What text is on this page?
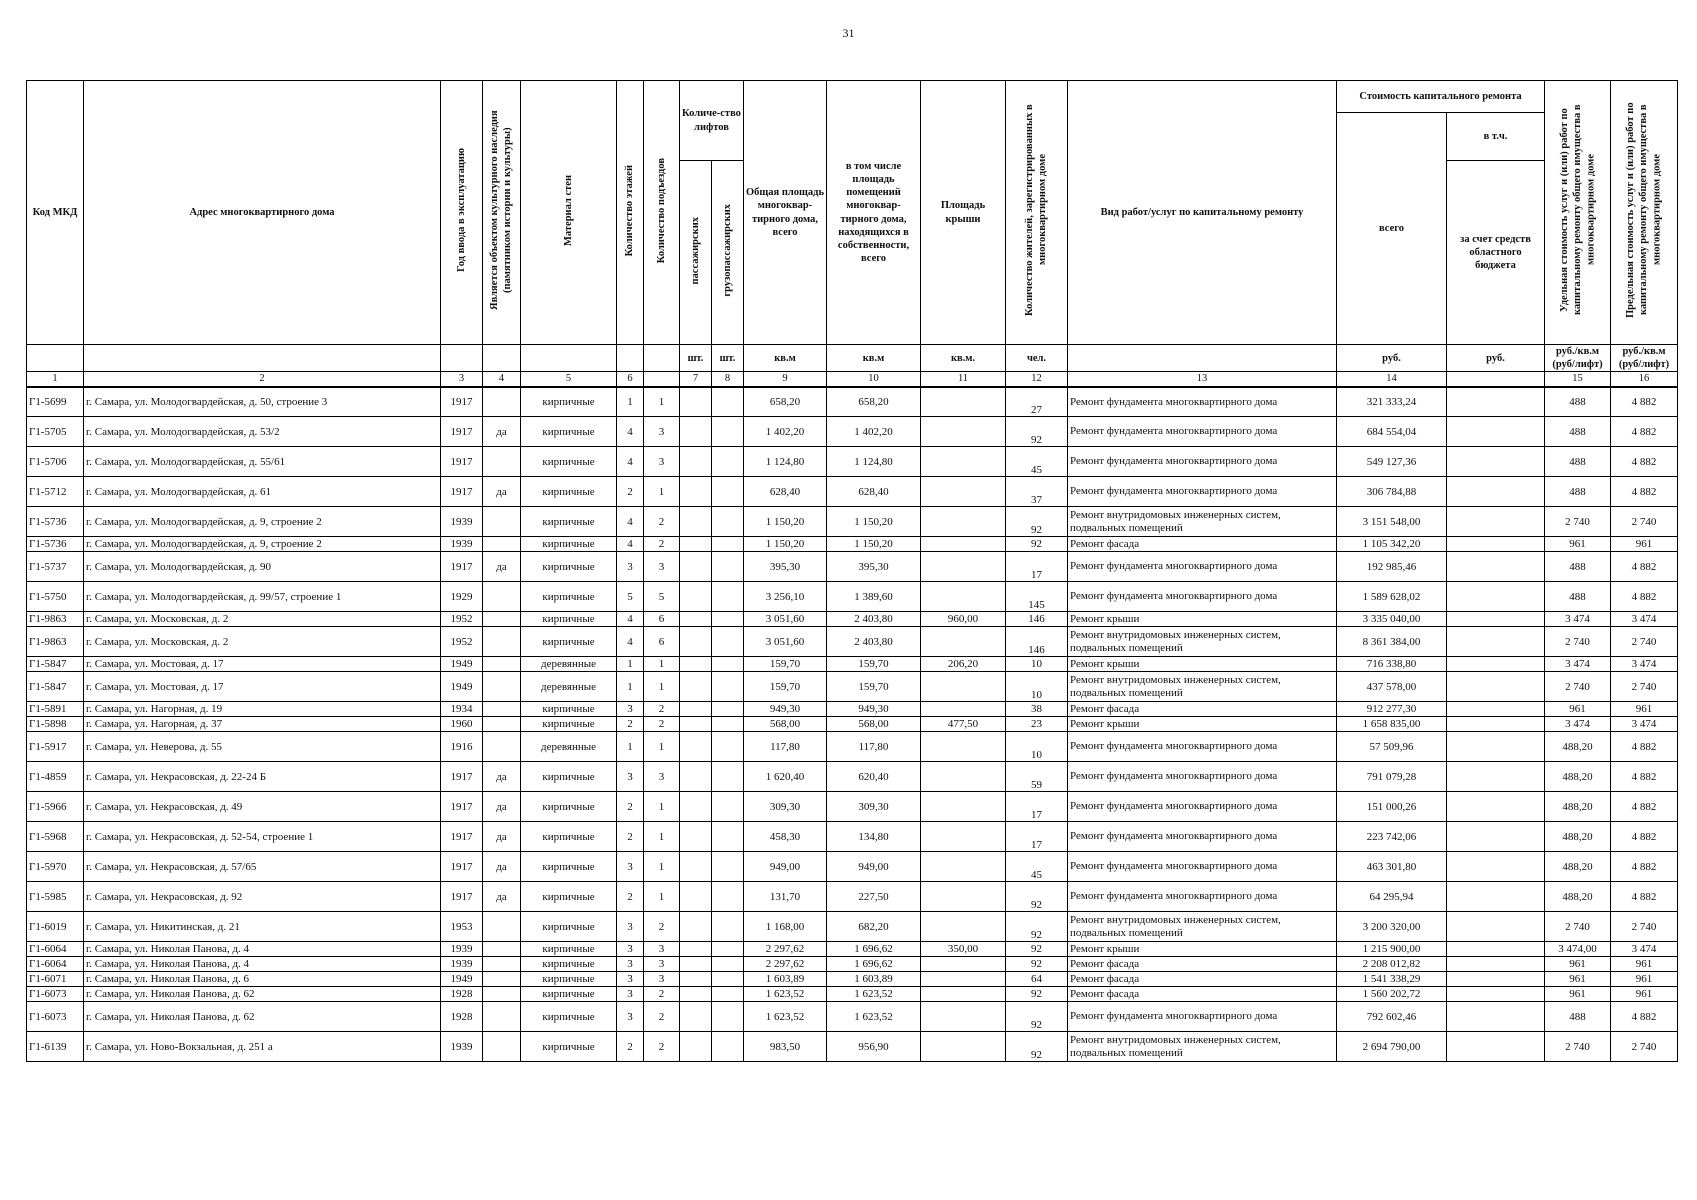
31
Код МКД	Адрес многоквартирного дома	Год ввода в эксплуатацию	Является объектом культурного наследия (памятником истории и культуры)	Материал стен	Количество этажей	Количество подъездов	Количе-ство лифтов		Общая площадь многоквар-тирного дома, всего	в том числе площадь помещений многоквар-тирного дома, находящихся в собственности, всего	Площадь крыши	Количество жителей, зарегистрированных в многоквартирном доме	Вид работ/услуг по капитальному ремонту	Стоимость капитального ремонта		Удельная стоимость услуг и (или) работ по капитальному ремонту общего имущества в многоквартирном доме	Предельная стоимость услуг и (или) работ по капитальному ремонту общего имущества в многоквартирном доме
														всего	в т.ч.		
							пассажирских	грузопассажирских							за счет средств областного бюджета		
							шт.	шт.	кв.м	кв.м	кв.м.	чел.		руб.	руб.	руб./кв.м (руб/лифт)	руб./кв.м (руб/лифт)
1	2	3	4	5	6		7	8	9	10	11	12	13	14		15	16
Г1-5699	г. Самара, ул. Молодогвардейская, д. 50, строение 3	1917		кирпичные	1	1			658,20	658,20		27	Ремонт фундамента многоквартирного дома	321 333,24		488	4 882
Г1-5705	г. Самара, ул. Молодогвардейская, д. 53/2	1917	да	кирпичные	4	3			1 402,20	1 402,20		92	Ремонт фундамента многоквартирного дома	684 554,04		488	4 882
Г1-5706	г. Самара, ул. Молодогвардейская, д. 55/61	1917		кирпичные	4	3			1 124,80	1 124,80		45	Ремонт фундамента многоквартирного дома	549 127,36		488	4 882
Г1-5712	г. Самара, ул. Молодогвардейская, д. 61	1917	да	кирпичные	2	1			628,40	628,40		37	Ремонт фундамента многоквартирного дома	306 784,88		488	4 882
Г1-5736	г. Самара, ул. Молодогвардейская, д. 9, строение 2	1939		кирпичные	4	2			1 150,20	1 150,20		92	Ремонт внутридомовых инженерных систем, подвальных помещений	3 151 548,00		2 740	2 740
Г1-5736	г. Самара, ул. Молодогвардейская, д. 9, строение 2	1939		кирпичные	4	2			1 150,20	1 150,20		92	Ремонт фасада	1 105 342,20		961	961
Г1-5737	г. Самара, ул. Молодогвардейская, д. 90	1917	да	кирпичные	3	3			395,30	395,30		17	Ремонт фундамента многоквартирного дома	192 985,46		488	4 882
Г1-5750	г. Самара, ул. Молодогвардейская, д. 99/57, строение 1	1929		кирпичные	5	5			3 256,10	1 389,60		145	Ремонт фундамента многоквартирного дома	1 589 628,02		488	4 882
Г1-9863	г. Самара, ул. Московская, д. 2	1952		кирпичные	4	6			3 051,60	2 403,80	960,00	146	Ремонт крыши	3 335 040,00		3 474	3 474
Г1-9863	г. Самара, ул. Московская, д. 2	1952		кирпичные	4	6			3 051,60	2 403,80		146	Ремонт внутридомовых инженерных систем, подвальных помещений	8 361 384,00		2 740	2 740
Г1-5847	г. Самара, ул. Мостовая, д. 17	1949		деревянные	1	1			159,70	159,70	206,20	10	Ремонт крыши	716 338,80		3 474	3 474
Г1-5847	г. Самара, ул. Мостовая, д. 17	1949		деревянные	1	1			159,70	159,70		10	Ремонт внутридомовых инженерных систем, подвальных помещений	437 578,00		2 740	2 740
Г1-5891	г. Самара, ул. Нагорная, д. 19	1934		кирпичные	3	2			949,30	949,30		38	Ремонт фасада	912 277,30		961	961
Г1-5898	г. Самара, ул. Нагорная, д. 37	1960		кирпичные	2	2			568,00	568,00	477,50	23	Ремонт крыши	1 658 835,00		3 474	3 474
Г1-5917	г. Самара, ул. Неверова, д. 55	1916		деревянные	1	1			117,80	117,80		10	Ремонт фундамента многоквартирного дома	57 509,96		488,20	4 882
Г1-4859	г. Самара, ул. Некрасовская, д. 22-24 Б	1917	да	кирпичные	3	3			1 620,40	620,40		59	Ремонт фундамента многоквартирного дома	791 079,28		488,20	4 882
Г1-5966	г. Самара, ул. Некрасовская, д. 49	1917	да	кирпичные	2	1			309,30	309,30		17	Ремонт фундамента многоквартирного дома	151 000,26		488,20	4 882
Г1-5968	г. Самара, ул. Некрасовская, д. 52-54, строение 1	1917	да	кирпичные	2	1			458,30	134,80		17	Ремонт фундамента многоквартирного дома	223 742,06		488,20	4 882
Г1-5970	г. Самара, ул. Некрасовская, д. 57/65	1917	да	кирпичные	3	1			949,00	949,00		45	Ремонт фундамента многоквартирного дома	463 301,80		488,20	4 882
Г1-5985	г. Самара, ул. Некрасовская, д. 92	1917	да	кирпичные	2	1			131,70	227,50		92	Ремонт фундамента многоквартирного дома	64 295,94		488,20	4 882
Г1-6019	г. Самара, ул. Никитинская, д. 21	1953		кирпичные	3	2			1 168,00	682,20		92	Ремонт внутридомовых инженерных систем, подвальных помещений	3 200 320,00		2 740	2 740
Г1-6064	г. Самара, ул. Николая Панова, д. 4	1939		кирпичные	3	3			2 297,62	1 696,62	350,00	92	Ремонт крыши	1 215 900,00		3 474,00	3 474
Г1-6064	г. Самара, ул. Николая Панова, д. 4	1939		кирпичные	3	3			2 297,62	1 696,62		92	Ремонт фасада	2 208 012,82		961	961
Г1-6071	г. Самара, ул. Николая Панова, д. 6	1949		кирпичные	3	3			1 603,89	1 603,89		64	Ремонт фасада	1 541 338,29		961	961
Г1-6073	г. Самара, ул. Николая Панова, д. 62	1928		кирпичные	3	2			1 623,52	1 623,52		92	Ремонт фасада	1 560 202,72		961	961
Г1-6073	г. Самара, ул. Николая Панова, д. 62	1928		кирпичные	3	2			1 623,52	1 623,52		92	Ремонт фундамента многоквартирного дома	792 602,46		488	4 882
Г1-6139	г. Самара, ул. Ново-Вокзальная, д. 251 а	1939		кирпичные	2	2			983,50	956,90		92	Ремонт внутридомовых инженерных систем, подвальных помещений	2 694 790,00		2 740	2 740
